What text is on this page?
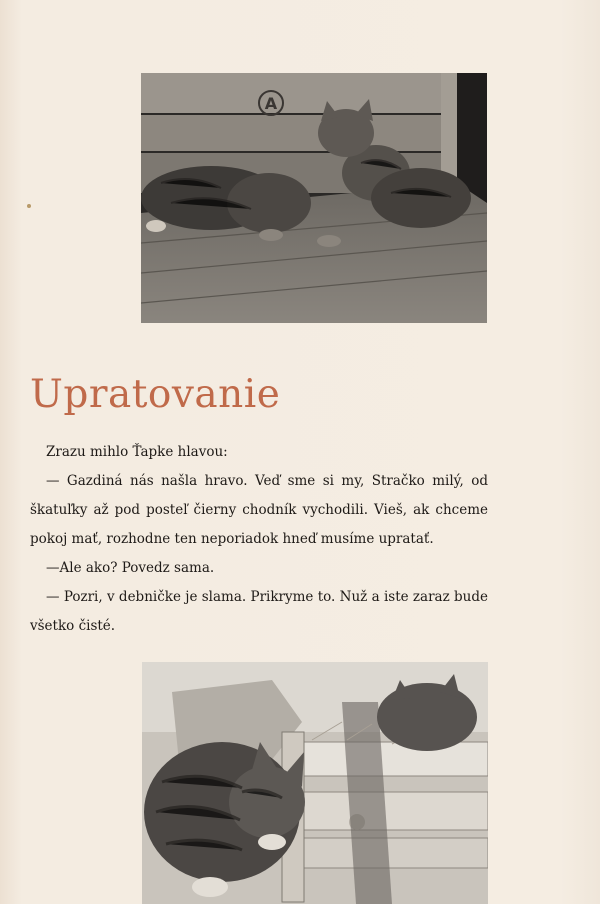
A
Upratovanie

Zrazu mihlo Ťapke hlavou:

— Gazdiná nás našla hravo. Veď sme si my, Stračko milý, od škatuľky až pod posteľ čierny chodník vychodili. Vieš, ak chceme pokoj mať, rozhodne ten neporiadok hneď musíme upratať.

—Ale ako? Povedz sama.

— Pozri, v debničke je slama. Prikryme to. Nuž a iste zaraz bude všetko čisté.
